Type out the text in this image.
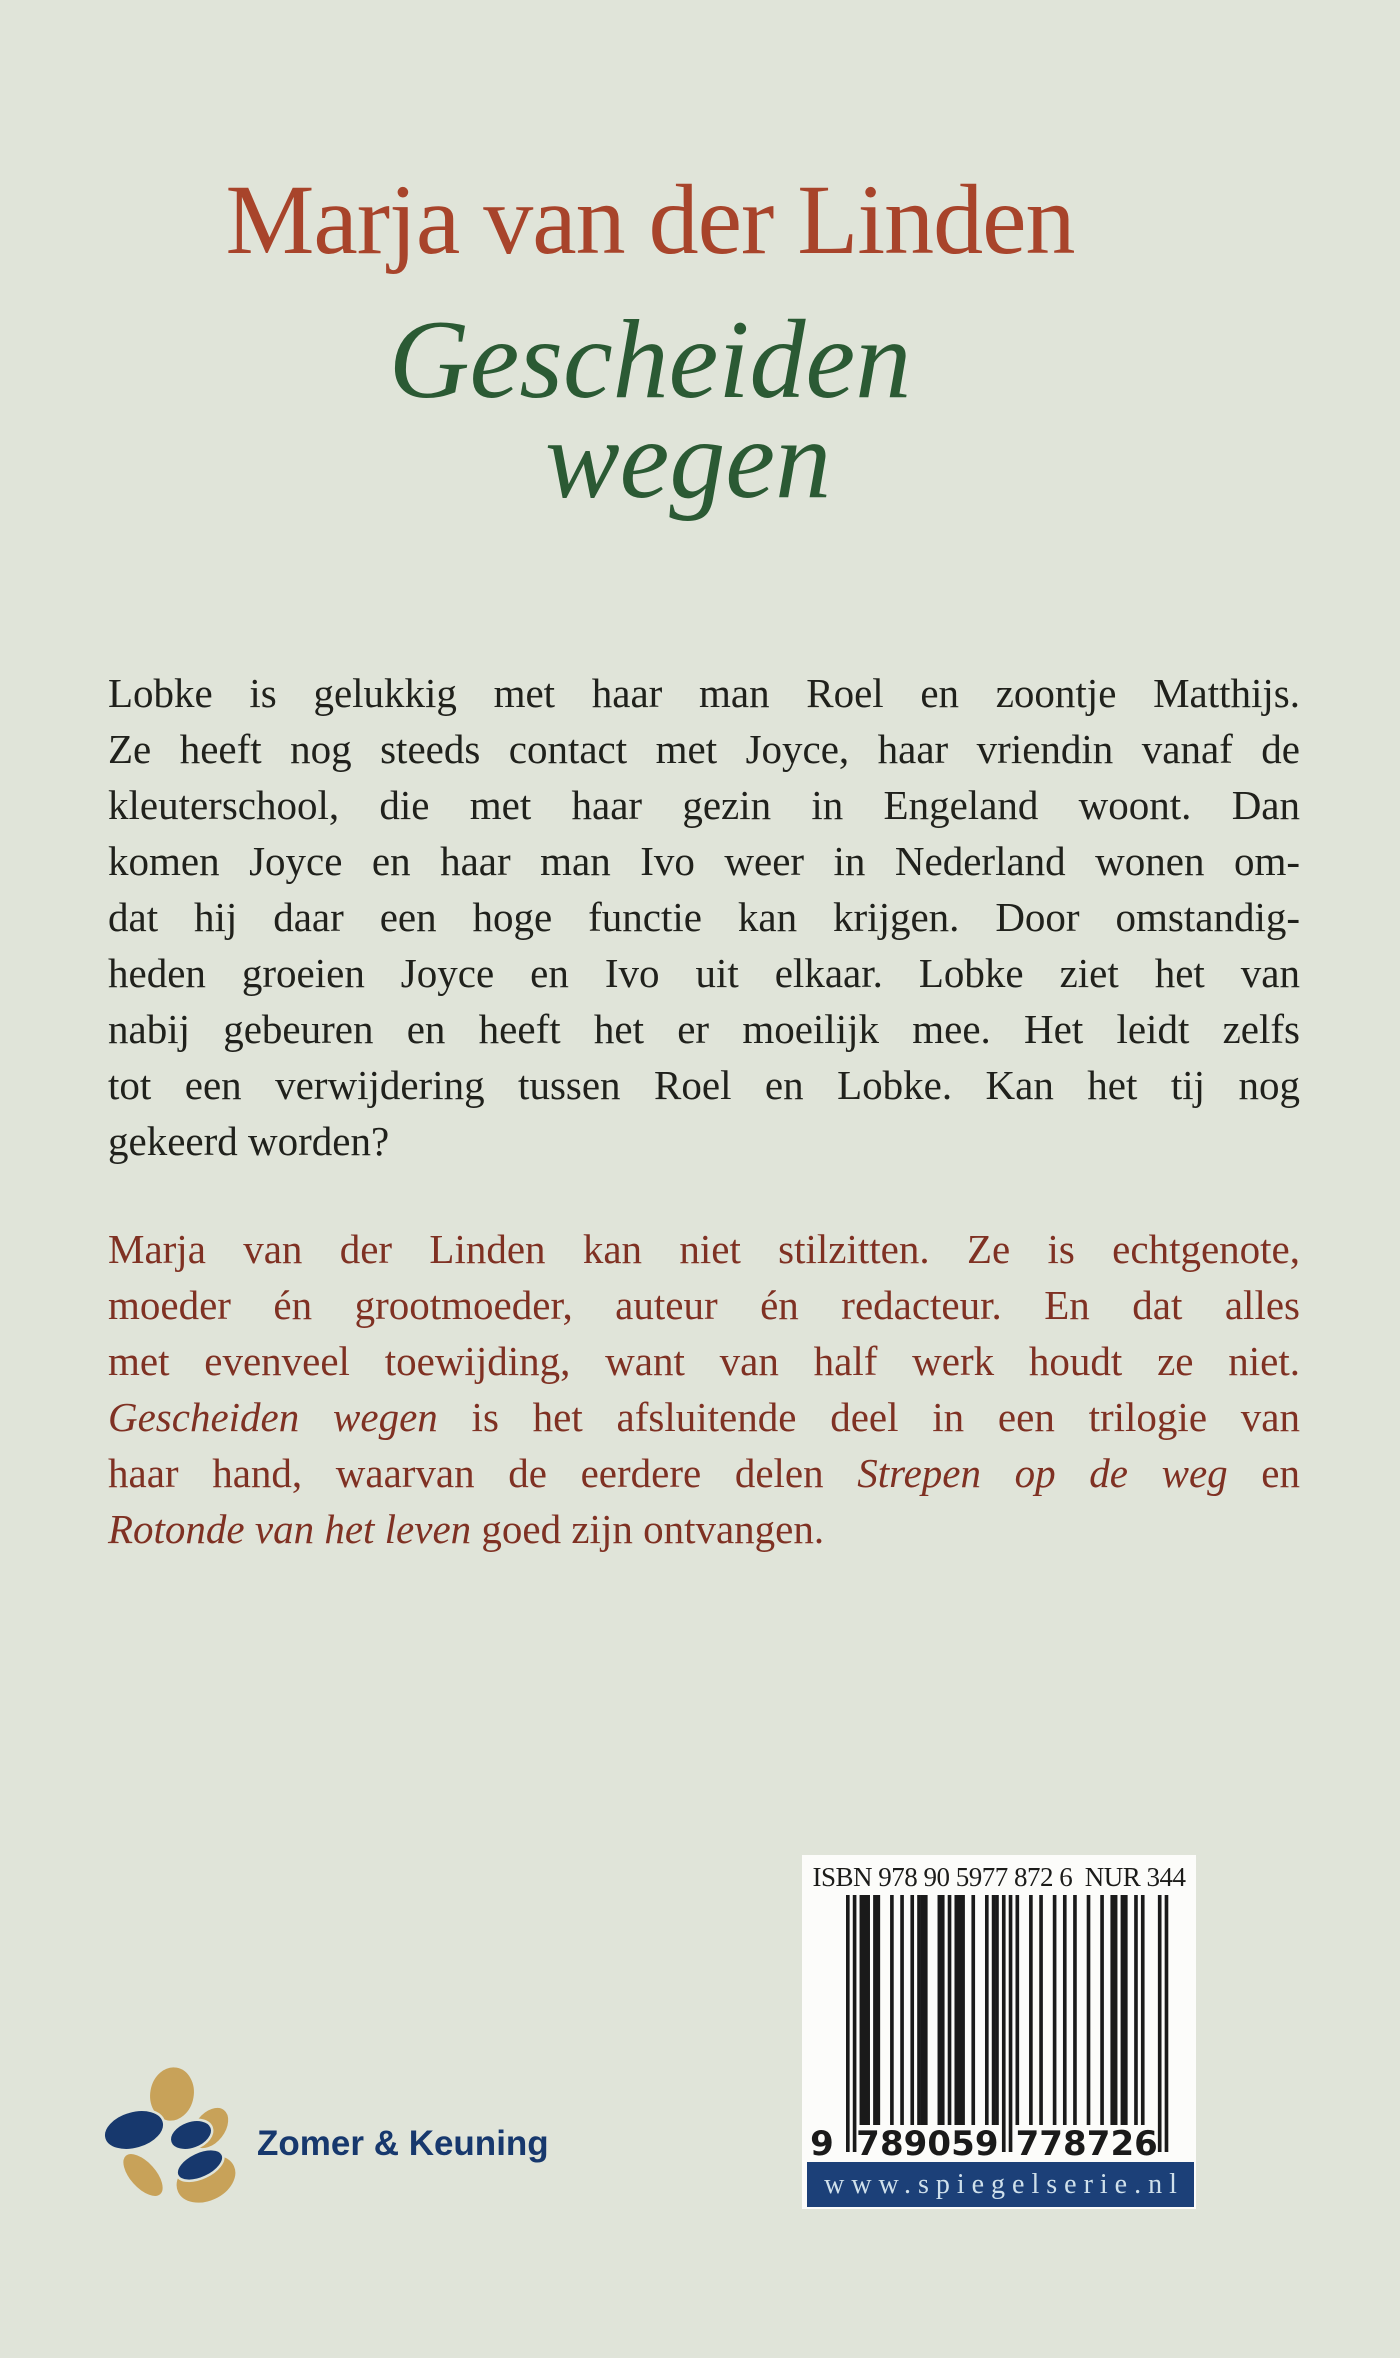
Marja van der Linden
Gescheiden
wegen
Lobke is gelukkig met haar man Roel en zoontje Matthijs.
Ze heeft nog steeds contact met Joyce, haar vriendin vanaf de
kleuterschool, die met haar gezin in Engeland woont. Dan
komen Joyce en haar man Ivo weer in Nederland wonen om-
dat hij daar een hoge functie kan krijgen. Door omstandig-
heden groeien Joyce en Ivo uit elkaar. Lobke ziet het van
nabij gebeuren en heeft het er moeilijk mee. Het leidt zelfs
tot een verwijdering tussen Roel en Lobke. Kan het tij nog
gekeerd worden?
Marja van der Linden kan niet stilzitten. Ze is echtgenote,
moeder én grootmoeder, auteur én redacteur. En dat alles
met evenveel toewijding, want van half werk houdt ze niet.
Gescheiden wegen is het afsluitende deel in een trilogie van
haar hand, waarvan de eerdere delen Strepen op de weg en
Rotonde van het leven goed zijn ontvangen.
ISBN 978 90 5977 872 6  NUR 344
9 7 8 9 0 5 9 7 7 8 7 2 6
www.spiegelserie.nl
Zomer & Keuning
